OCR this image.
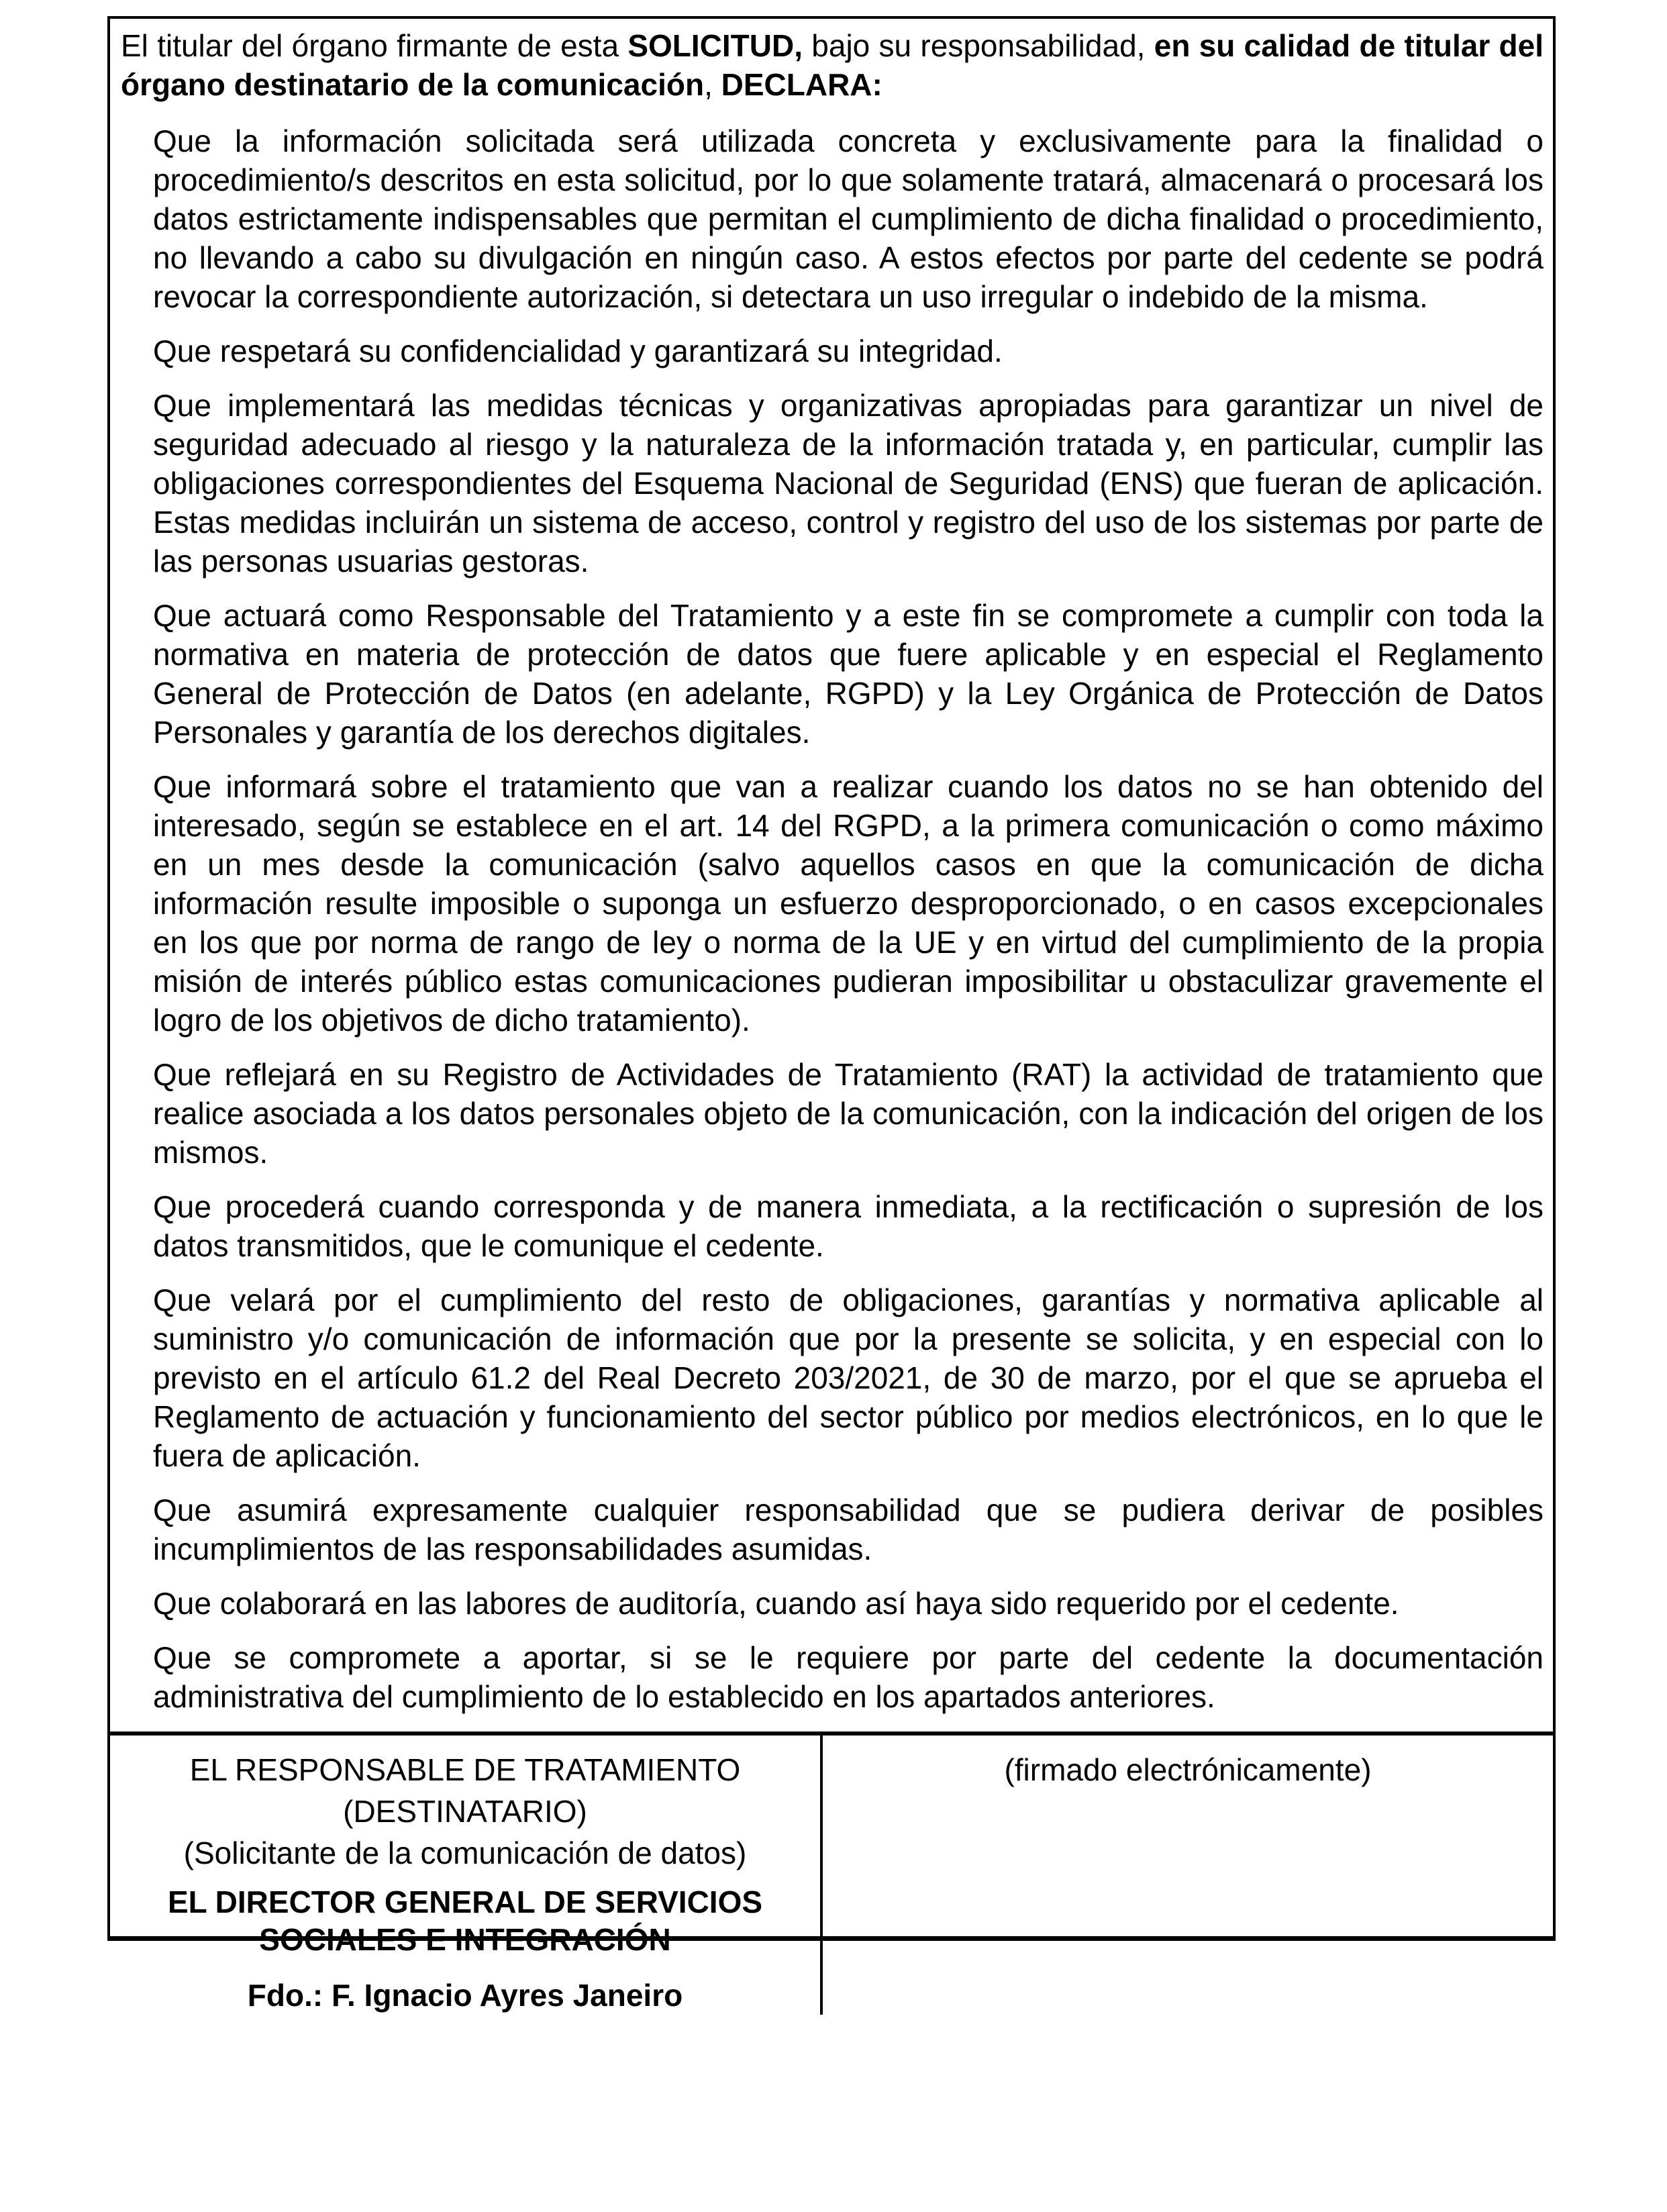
El titular del órgano firmante de esta SOLICITUD, bajo su responsabilidad, en su calidad de titular del órgano destinatario de la comunicación, DECLARA:

Que la información solicitada será utilizada concreta y exclusivamente para la finalidad o procedimiento/s descritos en esta solicitud, por lo que solamente tratará, almacenará o procesará los datos estrictamente indispensables que permitan el cumplimiento de dicha finalidad o procedimiento, no llevando a cabo su divulgación en ningún caso. A estos efectos por parte del cedente se podrá revocar la correspondiente autorización, si detectara un uso irregular o indebido de la misma.

Que respetará su confidencialidad y garantizará su integridad.

Que implementará las medidas técnicas y organizativas apropiadas para garantizar un nivel de seguridad adecuado al riesgo y la naturaleza de la información tratada y, en particular, cumplir las obligaciones correspondientes del Esquema Nacional de Seguridad (ENS) que fueran de aplicación. Estas medidas incluirán un sistema de acceso, control y registro del uso de los sistemas por parte de las personas usuarias gestoras.

Que actuará como Responsable del Tratamiento y a este fin se compromete a cumplir con toda la normativa en materia de protección de datos que fuere aplicable y en especial el Reglamento General de Protección de Datos (en adelante, RGPD) y la Ley Orgánica de Protección de Datos Personales y garantía de los derechos digitales.

Que informará sobre el tratamiento que van a realizar cuando los datos no se han obtenido del interesado, según se establece en el art. 14 del RGPD, a la primera comunicación o como máximo en un mes desde la comunicación (salvo aquellos casos en que la comunicación de dicha información resulte imposible o suponga un esfuerzo desproporcionado, o en casos excepcionales en los que por norma de rango de ley o norma de la UE y en virtud del cumplimiento de la propia misión de interés público estas comunicaciones pudieran imposibilitar u obstaculizar gravemente el logro de los objetivos de dicho tratamiento).

Que reflejará en su Registro de Actividades de Tratamiento (RAT) la actividad de tratamiento que realice asociada a los datos personales objeto de la comunicación, con la indicación del origen de los mismos.

Que procederá cuando corresponda y de manera inmediata, a la rectificación o supresión de los datos transmitidos, que le comunique el cedente.

Que velará por el cumplimiento del resto de obligaciones, garantías y normativa aplicable al suministro y/o comunicación de información que por la presente se solicita, y en especial con lo previsto en el artículo 61.2 del Real Decreto 203/2021, de 30 de marzo, por el que se aprueba el Reglamento de actuación y funcionamiento del sector público por medios electrónicos, en lo que le fuera de aplicación.

Que asumirá expresamente cualquier responsabilidad que se pudiera derivar de posibles incumplimientos de las responsabilidades asumidas.

Que colaborará en las labores de auditoría, cuando así haya sido requerido por el cedente.

Que se compromete a aportar, si se le requiere por parte del cedente la documentación administrativa del cumplimiento de lo establecido en los apartados anteriores.

EL RESPONSABLE DE TRATAMIENTO
(DESTINATARIO)
(Solicitante de la comunicación de datos)
EL DIRECTOR GENERAL DE SERVICIOS SOCIALES E INTEGRACIÓN
Fdo.: F. Ignacio Ayres Janeiro
(firmado electrónicamente)
